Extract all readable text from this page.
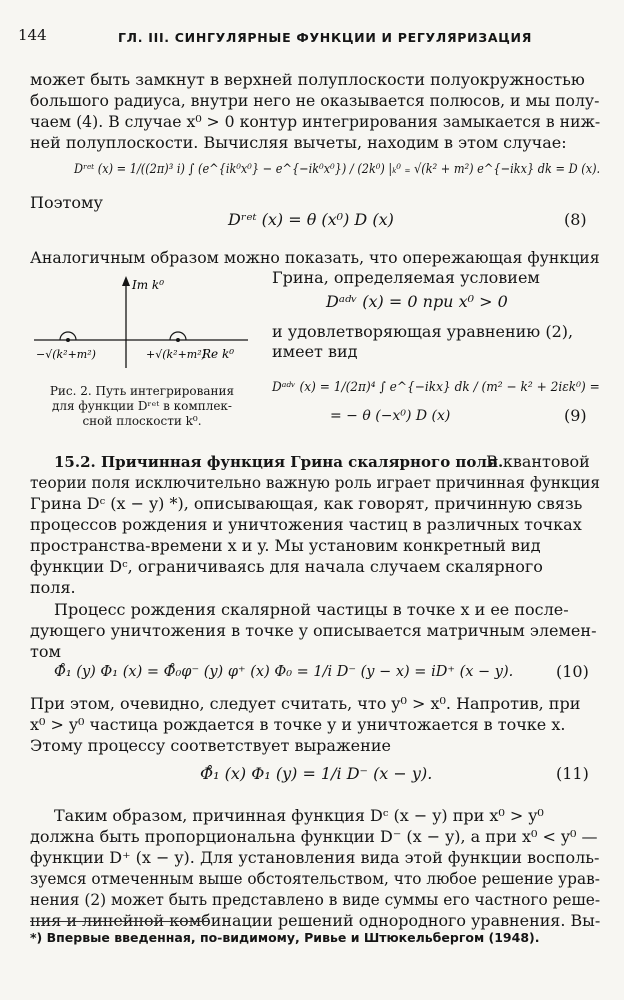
144	ГЛ. III. СИНГУЛЯРНЫЕ ФУНКЦИИ И РЕГУЛЯРИЗАЦИЯ
может быть замкнут в верхней полуплоскости полуокружностью
большого радиуса, внутри него не оказывается полюсов, и мы полу-
чаем (4). В случае x⁰ > 0 контур интегрирования замыкается в ниж-
ней полуплоскости. Вычисляя вычеты, находим в этом случае:
Dʳᵉᵗ (x) = 1/((2π)³ i) ∫ (e^{ik⁰x⁰} − e^{−ik⁰x⁰}) / (2k⁰) |ₖ⁰ ₌ √(k² + m²) e^{−ikx} dk = D (x).
Поэтому
Dʳᵉᵗ (x) = θ (x⁰) D (x)	(8)
Аналогичным образом можно показать, что опережающая функция
Грина, определяемая условием
Dᵃᵈᵛ (x) = 0 при x⁰ > 0
и удовлетворяющая уравнению (2),
имеет вид
Im k⁰
Re k⁰
−√(k²+m²)	+√(k²+m²)
Рис. 2. Путь интегрирования
для функции Dʳᵉᵗ в комплек-
сной плоскости k⁰.
Dᵃᵈᵛ (x) = 1/(2π)⁴ ∫ e^{−ikx} dk / (m² − k² + 2iεk⁰) =
= − θ (−x⁰) D (x)	(9)
15.2. Причинная функция Грина скалярного поля.
В квантовой
теории поля исключительно важную роль играет причинная функция
Грина Dᶜ (x − y) *), описывающая, как говорят, причинную связь
процессов рождения и уничтожения частиц в различных точках
пространства-времени x и y. Мы установим конкретный вид
функции Dᶜ, ограничиваясь для начала случаем скалярного
поля.
Процесс рождения скалярной частицы в точке x и ее после-
дующего уничтожения в точке y описывается матричным элемен-
том
Φ̊₁ (y) Φ₁ (x) = Φ̊₀φ⁻ (y) φ⁺ (x) Φ₀ = 1/i D⁻ (y − x) = iD⁺ (x − y).	(10)
При этом, очевидно, следует считать, что y⁰ > x⁰. Напротив, при
x⁰ > y⁰ частица рождается в точке y и уничтожается в точке x.
Этому процессу соответствует выражение
Φ̊₁ (x) Φ₁ (y) = 1/i D⁻ (x − y).	(11)
Таким образом, причинная функция Dᶜ (x − y) при x⁰ > y⁰
должна быть пропорциональна функции D⁻ (x − y), а при x⁰ < y⁰ —
функции D⁺ (x − y). Для установления вида этой функции восполь-
зуемся отмеченным выше обстоятельством, что любое решение урав-
нения (2) может быть представлено в виде суммы его частного реше-
ния и линейной комбинации решений однородного уравнения. Вы-
*) Впервые введенная, по-видимому, Ривье и Штюкельбергом (1948).
